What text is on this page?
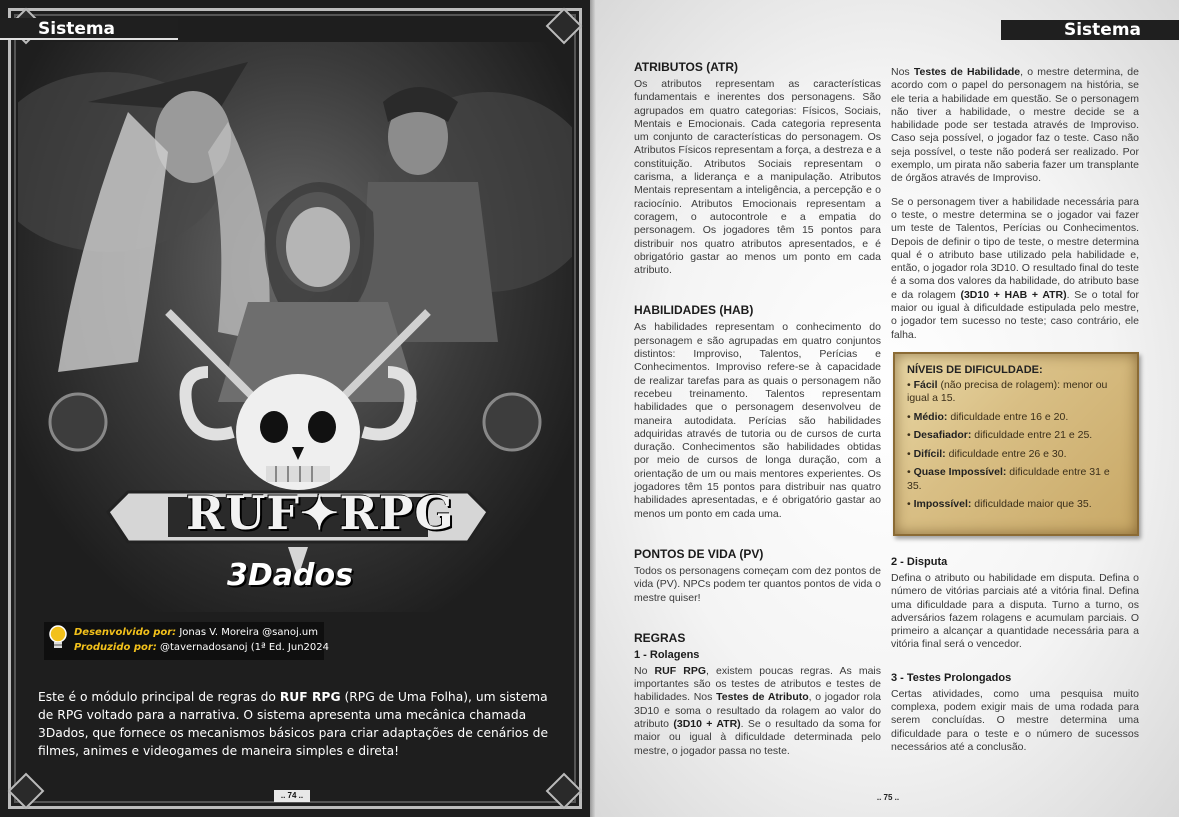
Sistema
RUF✦RPG
3Dados

Desenvolvido por: Jonas V. Moreira @sanoj.um

Produzido por: @tavernadosanoj (1ª Ed. Jun2024

Este é o módulo principal de regras do RUF RPG (RPG de Uma Folha), um sistema de RPG voltado para a narrativa. O sistema apresenta uma mecânica chamada 3Dados, que fornece os mecanismos básicos para criar adaptações de cenários de filmes, animes e videogames de maneira simples e direta!

.. 74 ..
Sistema
ATRIBUTOS (ATR)

Os atributos representam as características fundamentais e inerentes dos personagens. São agrupados em quatro categorias: Físicos, Sociais, Mentais e Emocionais. Cada categoria representa um conjunto de características do personagem. Os Atributos Físicos representam a força, a destreza e a constituição. Atributos Sociais representam o carisma, a liderança e a manipulação. Atributos Mentais representam a inteligência, a percepção e o raciocínio. Atributos Emocionais representam a coragem, o autocontrole e a empatia do personagem. Os jogadores têm 15 pontos para distribuir nos quatro atributos apresentados, e é obrigatório gastar ao menos um ponto em cada atributo.

HABILIDADES (HAB)

As habilidades representam o conhecimento do personagem e são agrupadas em quatro conjuntos distintos: Improviso, Talentos, Perícias e Conhecimentos. Improviso refere-se à capacidade de realizar tarefas para as quais o personagem não recebeu treinamento. Talentos representam habilidades que o personagem desenvolveu de maneira autodidata. Perícias são habilidades adquiridas através de tutoria ou de cursos de curta duração. Conhecimentos são habilidades obtidas por meio de cursos de longa duração, com a orientação de um ou mais mentores experientes. Os jogadores têm 15 pontos para distribuir nas quatro habilidades apresentadas, e é obrigatório gastar ao menos um ponto em cada uma.

PONTOS DE VIDA (PV)

Todos os personagens começam com dez pontos de vida (PV). NPCs podem ter quantos pontos de vida o mestre quiser!

REGRAS
1 - Rolagens

No RUF RPG, existem poucas regras. As mais importantes são os testes de atributos e testes de habilidades. Nos Testes de Atributo, o jogador rola 3D10 e soma o resultado da rolagem ao valor do atributo (3D10 + ATR). Se o resultado da soma for maior ou igual à dificuldade determinada pelo mestre, o jogador passa no teste.

Nos Testes de Habilidade, o mestre determina, de acordo com o papel do personagem na história, se ele teria a habilidade em questão. Se o personagem não tiver a habilidade, o mestre decide se a habilidade pode ser testada através de Improviso. Caso seja possível, o jogador faz o teste. Caso não seja possível, o teste não poderá ser realizado. Por exemplo, um pirata não saberia fazer um transplante de órgãos através de Improviso.

Se o personagem tiver a habilidade necessária para o teste, o mestre determina se o jogador vai fazer um teste de Talentos, Perícias ou Conhecimentos. Depois de definir o tipo de teste, o mestre determina qual é o atributo base utilizado pela habilidade e, então, o jogador rola 3D10. O resultado final do teste é a soma dos valores da habilidade, do atributo base e da rolagem (3D10 + HAB + ATR). Se o total for maior ou igual à dificuldade estipulada pelo mestre, o jogador tem sucesso no teste; caso contrário, ele falha.

NÍVEIS DE DIFICULDADE:
• Fácil (não precisa de rolagem): menor ou igual a 15.
• Médio: dificuldade entre 16 e 20.
• Desafiador: dificuldade entre 21 e 25.
• Difícil: dificuldade entre 26 e 30.
• Quase Impossível: dificuldade entre 31 e 35.
• Impossível: dificuldade maior que 35.
2 - Disputa

Defina o atributo ou habilidade em disputa. Defina o número de vitórias parciais até a vitória final. Defina uma dificuldade para a disputa. Turno a turno, os adversários fazem rolagens e acumulam parciais. O primeiro a alcançar a quantidade necessária para a vitória final será o vencedor.

3 - Testes Prolongados

Certas atividades, como uma pesquisa muito complexa, podem exigir mais de uma rodada para serem concluídas. O mestre determina uma dificuldade para o teste e o número de sucessos necessários até a conclusão.

.. 75 ..
